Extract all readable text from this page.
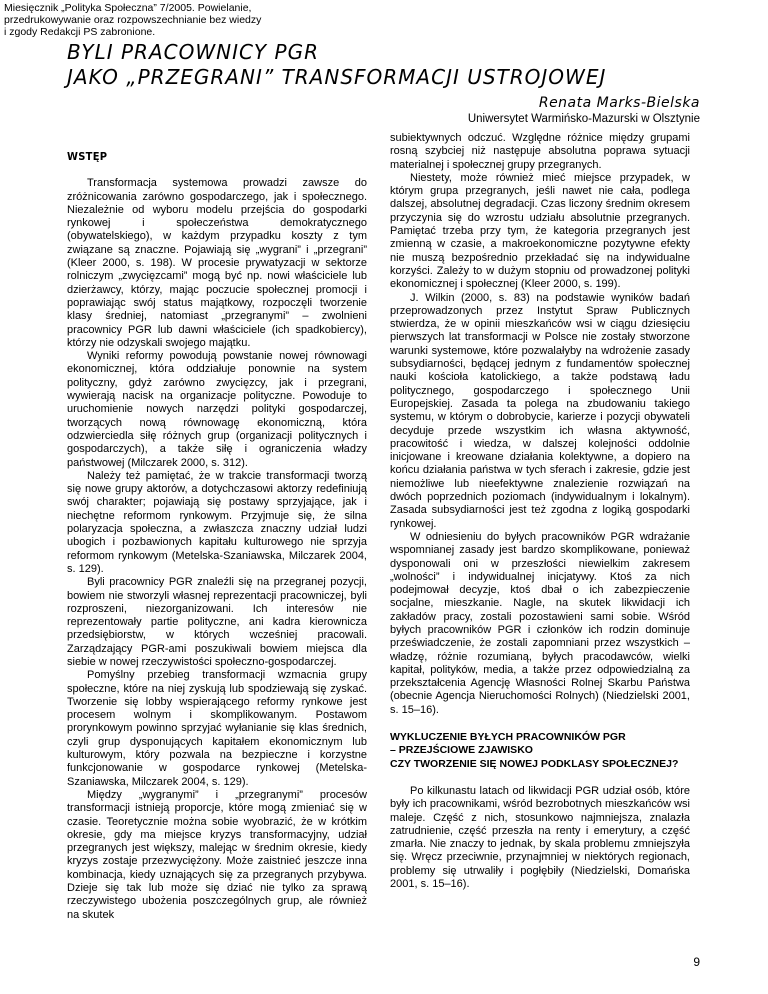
Miesięcznik „Polityka Społeczna” 7/2005. Powielanie,
przedrukowywanie oraz rozpowszechnianie bez wiedzy
i zgody Redakcji PS zabronione.
BYLI PRACOWNICY PGR
JAKO „PRZEGRANI” TRANSFORMACJI USTROJOWEJ
Renata Marks-Bielska
Uniwersytet Warmińsko-Mazurski w Olsztynie
WSTĘP

Transformacja systemowa prowadzi zawsze do zróżnicowania zarówno gospodarczego, jak i społecznego. Niezależnie od wyboru modelu przejścia do gospodarki rynkowej i społeczeństwa demokratycznego (obywatelskiego), w każdym przypadku koszty z tym związane są znaczne. Pojawiają się „wygrani” i „przegrani” (Kleer 2000, s. 198). W procesie prywatyzacji w sektorze rolniczym „zwycięzcami” mogą być np. nowi właściciele lub dzierżawcy, którzy, mając poczucie społecznej promocji i poprawiając swój status majątkowy, rozpoczęli tworzenie klasy średniej, natomiast „przegranymi” – zwolnieni pracownicy PGR lub dawni właściciele (ich spadkobiercy), którzy nie odzyskali swojego majątku.

Wyniki reformy powodują powstanie nowej równowagi ekonomicznej, która oddziałuje ponownie na system polityczny, gdyż zarówno zwycięzcy, jak i przegrani, wywierają nacisk na organizacje polityczne. Powoduje to uruchomienie nowych narzędzi polityki gospodarczej, tworzących nową równowagę ekonomiczną, która odzwierciedla siłę różnych grup (organizacji politycznych i gospodarczych), a także siłę i ograniczenia władzy państwowej (Milczarek 2000, s. 312).

Należy też pamiętać, że w trakcie transformacji tworzą się nowe grupy aktorów, a dotychczasowi aktorzy redefiniują swój charakter; pojawiają się postawy sprzyjające, jak i niechętne reformom rynkowym. Przyjmuje się, że silna polaryzacja społeczna, a zwłaszcza znaczny udział ludzi ubogich i pozbawionych kapitału kulturowego nie sprzyja reformom rynkowym (Metelska-Szaniawska, Milczarek 2004, s. 129).

Byli pracownicy PGR znaleźli się na przegranej pozycji, bowiem nie stworzyli własnej reprezentacji pracowniczej, byli rozproszeni, niezorganizowani. Ich interesów nie reprezentowały partie polityczne, ani kadra kierownicza przedsiębiorstw, w których wcześniej pracowali. Zarządzający PGR-ami poszukiwali bowiem miejsca dla siebie w nowej rzeczywistości społeczno-gospodarczej.

Pomyślny przebieg transformacji wzmacnia grupy społeczne, które na niej zyskują lub spodziewają się zyskać. Tworzenie się lobby wspierającego reformy rynkowe jest procesem wolnym i skomplikowanym. Postawom prorynkowym powinno sprzyjać wyłanianie się klas średnich, czyli grup dysponujących kapitałem ekonomicznym lub kulturowym, który pozwala na bezpieczne i korzystne funkcjonowanie w gospodarce rynkowej (Metelska-Szaniawska, Milczarek 2004, s. 129).

Między „wygranymi” i „przegranymi” procesów transformacji istnieją proporcje, które mogą zmieniać się w czasie. Teoretycznie można sobie wyobrazić, że w krótkim okresie, gdy ma miejsce kryzys transformacyjny, udział przegranych jest większy, malejąc w średnim okresie, kiedy kryzys zostaje przezwyciężony. Może zaistnieć jeszcze inna kombinacja, kiedy uznających się za przegranych przybywa. Dzieje się tak lub może się dziać nie tylko za sprawą rzeczywistego ubożenia poszczególnych grup, ale również na skutek

subiektywnych odczuć. Względne różnice między grupami rosną szybciej niż następuje absolutna poprawa sytuacji materialnej i społecznej grupy przegranych.

Niestety, może również mieć miejsce przypadek, w którym grupa przegranych, jeśli nawet nie cała, podlega dalszej, absolutnej degradacji. Czas liczony średnim okresem przyczynia się do wzrostu udziału absolutnie przegranych. Pamiętać trzeba przy tym, że kategoria przegranych jest zmienną w czasie, a makroekonomiczne pozytywne efekty nie muszą bezpośrednio przekładać się na indywidualne korzyści. Zależy to w dużym stopniu od prowadzonej polityki ekonomicznej i społecznej (Kleer 2000, s. 199).

J. Wilkin (2000, s. 83) na podstawie wyników badań przeprowadzonych przez Instytut Spraw Publicznych stwierdza, że w opinii mieszkańców wsi w ciągu dziesięciu pierwszych lat transformacji w Polsce nie zostały stworzone warunki systemowe, które pozwalałyby na wdrożenie zasady subsydiarności, będącej jednym z fundamentów społecznej nauki kościoła katolickiego, a także podstawą ładu politycznego, gospodarczego i społecznego Unii Europejskiej. Zasada ta polega na zbudowaniu takiego systemu, w którym o dobrobycie, karierze i pozycji obywateli decyduje przede wszystkim ich własna aktywność, pracowitość i wiedza, w dalszej kolejności oddolnie inicjowane i kreowane działania kolektywne, a dopiero na końcu działania państwa w tych sferach i zakresie, gdzie jest niemożliwe lub nieefektywne znalezienie rozwiązań na dwóch poprzednich poziomach (indywidualnym i lokalnym). Zasada subsydiarności jest też zgodna z logiką gospodarki rynkowej.

W odniesieniu do byłych pracowników PGR wdrażanie wspomnianej zasady jest bardzo skomplikowane, ponieważ dysponowali oni w przeszłości niewielkim zakresem „wolności” i indywidualnej inicjatywy. Ktoś za nich podejmował decyzje, ktoś dbał o ich zabezpieczenie socjalne, mieszkanie. Nagle, na skutek likwidacji ich zakładów pracy, zostali pozostawieni sami sobie. Wśród byłych pracowników PGR i członków ich rodzin dominuje przeświadczenie, że zostali zapomniani przez wszystkich – władzę, różnie rozumianą, byłych pracodawców, wielki kapitał, polityków, media, a także przez odpowiedzialną za przekształcenia Agencję Własności Rolnej Skarbu Państwa (obecnie Agencja Nieruchomości Rolnych) (Niedzielski 2001, s. 15–16).

WYKLUCZENIE BYŁYCH PRACOWNIKÓW PGR
– PRZEJŚCIOWE ZJAWISKO
CZY TWORZENIE SIĘ NOWEJ PODKLASY SPOŁECZNEJ?

Po kilkunastu latach od likwidacji PGR udział osób, które były ich pracownikami, wśród bezrobotnych mieszkańców wsi maleje. Część z nich, stosunkowo najmniejsza, znalazła zatrudnienie, część przeszła na renty i emerytury, a część zmarła. Nie znaczy to jednak, by skala problemu zmniejszyła się. Wręcz przeciwnie, przynajmniej w niektórych regionach, problemy się utrwaliły i pogłębiły (Niedzielski, Domańska 2001, s. 15–16).

9
